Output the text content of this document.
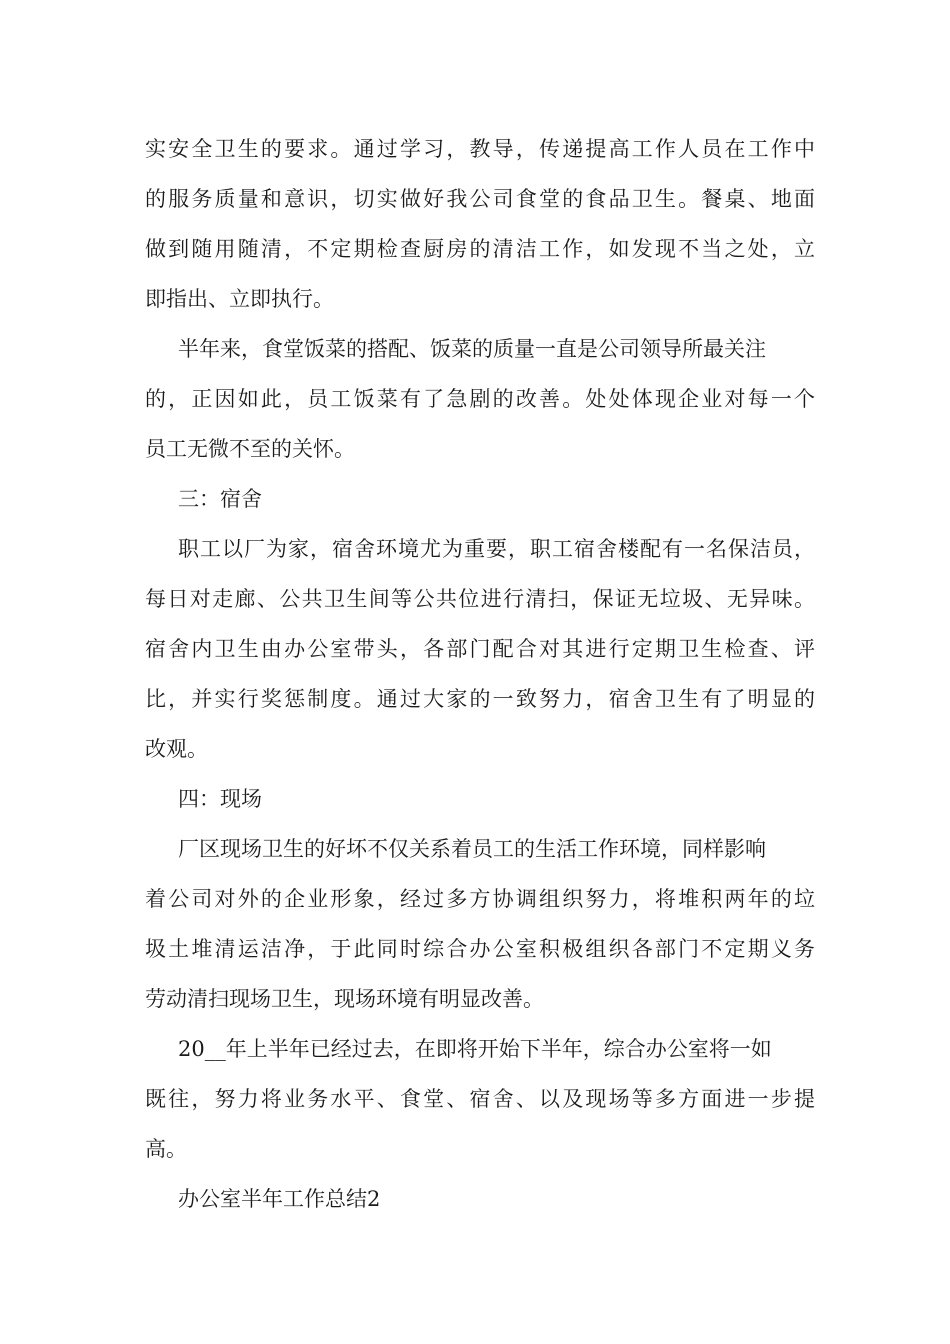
实安全卫生的要求。通过学习，教导，传递提高工作人员在工作中
的服务质量和意识，切实做好我公司食堂的食品卫生。餐桌、地面
做到随用随清，不定期检查厨房的清洁工作，如发现不当之处，立
即指出、立即执行。
半年来，食堂饭菜的搭配、饭菜的质量一直是公司领导所最关注
的，正因如此，员工饭菜有了急剧的改善。处处体现企业对每一个
员工无微不至的关怀。
三：宿舍
职工以厂为家，宿舍环境尤为重要，职工宿舍楼配有一名保洁员，
每日对走廊、公共卫生间等公共位进行清扫，保证无垃圾、无异味。
宿舍内卫生由办公室带头，各部门配合对其进行定期卫生检查、评
比，并实行奖惩制度。通过大家的一致努力，宿舍卫生有了明显的
改观。
四：现场
厂区现场卫生的好坏不仅关系着员工的生活工作环境，同样影响
着公司对外的企业形象，经过多方协调组织努力，将堆积两年的垃
圾土堆清运洁净，于此同时综合办公室积极组织各部门不定期义务
劳动清扫现场卫生，现场环境有明显改善。
20__年上半年已经过去，在即将开始下半年，综合办公室将一如
既往，努力将业务水平、食堂、宿舍、以及现场等多方面进一步提
高。
办公室半年工作总结2
